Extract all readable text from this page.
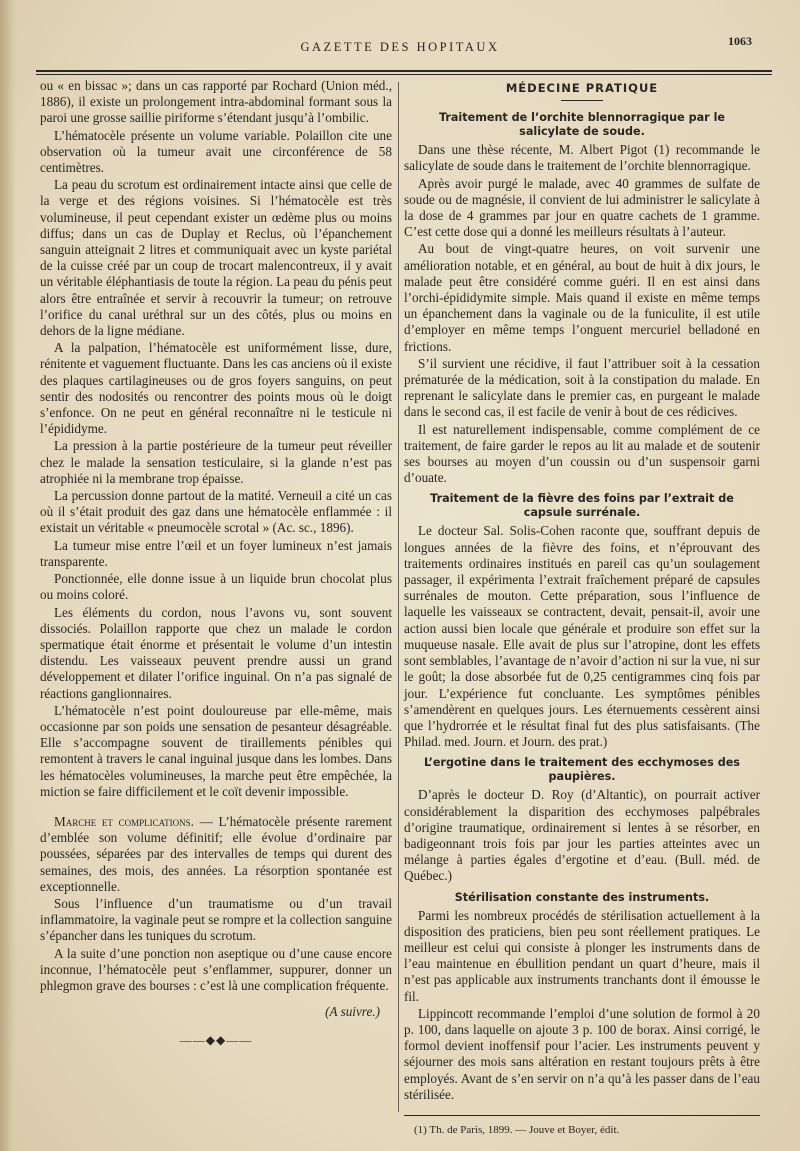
GAZETTE DES HOPITAUX	1063

ou « en bissac »; dans un cas rapporté par Rochard (Union méd., 1886), il existe un prolongement intra-abdominal formant sous la paroi une grosse saillie piriforme s’étendant jusqu’à l’ombilic.

L’hématocèle présente un volume variable. Polaillon cite une observation où la tumeur avait une circonférence de 58 centimètres.

La peau du scrotum est ordinairement intacte ainsi que celle de la verge et des régions voisines. Si l’hématocèle est très volumineuse, il peut cependant exister un œdème plus ou moins diffus; dans un cas de Duplay et Reclus, où l’épanchement sanguin atteignait 2 litres et communiquait avec un kyste pariétal de la cuisse créé par un coup de trocart malencontreux, il y avait un véritable éléphantiasis de toute la région. La peau du pénis peut alors être entraînée et servir à recouvrir la tumeur; on retrouve l’orifice du canal uréthral sur un des côtés, plus ou moins en dehors de la ligne médiane.

A la palpation, l’hématocèle est uniformément lisse, dure, rénitente et vaguement fluctuante. Dans les cas anciens où il existe des plaques cartilagineuses ou de gros foyers sanguins, on peut sentir des nodosités ou rencontrer des points mous où le doigt s’enfonce. On ne peut en général reconnaître ni le testicule ni l’épididyme.

La pression à la partie postérieure de la tumeur peut réveiller chez le malade la sensation testiculaire, si la glande n’est pas atrophiée ni la membrane trop épaisse.

La percussion donne partout de la matité. Verneuil a cité un cas où il s’était produit des gaz dans une hématocèle enflammée : il existait un véritable « pneumocèle scrotal » (Ac. sc., 1896).

La tumeur mise entre l’œil et un foyer lumineux n’est jamais transparente.

Ponctionnée, elle donne issue à un liquide brun chocolat plus ou moins coloré.

Les éléments du cordon, nous l’avons vu, sont souvent dissociés. Polaillon rapporte que chez un malade le cordon spermatique était énorme et présentait le volume d’un intestin distendu. Les vaisseaux peuvent prendre aussi un grand développement et dilater l’orifice inguinal. On n’a pas signalé de réactions ganglionnaires.

L’hématocèle n’est point douloureuse par elle-même, mais occasionne par son poids une sensation de pesanteur désagréable. Elle s’accompagne souvent de tiraillements pénibles qui remontent à travers le canal inguinal jusque dans les lombes. Dans les hématocèles volumineuses, la marche peut être empêchée, la miction se faire difficilement et le coït devenir impossible.

Marche et complications. — L’hématocèle présente rarement d’emblée son volume définitif; elle évolue d’ordinaire par poussées, séparées par des intervalles de temps qui durent des semaines, des mois, des années. La résorption spontanée est exceptionnelle.

Sous l’influence d’un traumatisme ou d’un travail inflammatoire, la vaginale peut se rompre et la collection sanguine s’épancher dans les tuniques du scrotum.

A la suite d’une ponction non aseptique ou d’une cause encore inconnue, l’hématocèle peut s’enflammer, suppurer, donner un phlegmon grave des bourses : c’est là une complication fréquente.

(A suivre.)
——◆◆——
MÉDECINE PRATIQUE
Traitement de l’orchite blennorragique par le salicylate de soude.

Dans une thèse récente, M. Albert Pigot (1) recommande le salicylate de soude dans le traitement de l’orchite blennorragique.

Après avoir purgé le malade, avec 40 grammes de sulfate de soude ou de magnésie, il convient de lui administrer le salicylate à la dose de 4 grammes par jour en quatre cachets de 1 gramme. C’est cette dose qui a donné les meilleurs résultats à l’auteur.

Au bout de vingt-quatre heures, on voit survenir une amélioration notable, et en général, au bout de huit à dix jours, le malade peut être considéré comme guéri. Il en est ainsi dans l’orchi-épididymite simple. Mais quand il existe en même temps un épanchement dans la vaginale ou de la funiculite, il est utile d’employer en même temps l’onguent mercuriel belladoné en frictions.

S’il survient une récidive, il faut l’attribuer soit à la cessation prématurée de la médication, soit à la constipation du malade. En reprenant le salicylate dans le premier cas, en purgeant le malade dans le second cas, il est facile de venir à bout de ces rédicives.

Il est naturellement indispensable, comme complément de ce traitement, de faire garder le repos au lit au malade et de soutenir ses bourses au moyen d’un coussin ou d’un suspensoir garni d’ouate.

Traitement de la fièvre des foins par l’extrait de capsule surrénale.

Le docteur Sal. Solis-Cohen raconte que, souffrant depuis de longues années de la fièvre des foins, et n’éprouvant des traitements ordinaires institués en pareil cas qu’un soulagement passager, il expérimenta l’extrait fraîchement préparé de capsules surrénales de mouton. Cette préparation, sous l’influence de laquelle les vaisseaux se contractent, devait, pensait-il, avoir une action aussi bien locale que générale et produire son effet sur la muqueuse nasale. Elle avait de plus sur l’atropine, dont les effets sont semblables, l’avantage de n’avoir d’action ni sur la vue, ni sur le goût; la dose absorbée fut de 0,25 centigrammes cinq fois par jour. L’expérience fut concluante. Les symptômes pénibles s’amendèrent en quelques jours. Les éternuements cessèrent ainsi que l’hydrorrée et le résultat final fut des plus satisfaisants. (The Philad. med. Journ. et Journ. des prat.)

L’ergotine dans le traitement des ecchymoses des paupières.

D’après le docteur D. Roy (d’Altantic), on pourrait activer considérablement la disparition des ecchymoses palpébrales d’origine traumatique, ordinairement si lentes à se résorber, en badigeonnant trois fois par jour les parties atteintes avec un mélange à parties égales d’ergotine et d’eau. (Bull. méd. de Québec.)

Stérilisation constante des instruments.

Parmi les nombreux procédés de stérilisation actuellement à la disposition des praticiens, bien peu sont réellement pratiques. Le meilleur est celui qui consiste à plonger les instruments dans de l’eau maintenue en ébullition pendant un quart d’heure, mais il n’est pas applicable aux instruments tranchants dont il émousse le fil.

Lippincott recommande l’emploi d’une solution de formol à 20 p. 100, dans laquelle on ajoute 3 p. 100 de borax. Ainsi corrigé, le formol devient inoffensif pour l’acier. Les instruments peuvent y séjourner des mois sans altération en restant toujours prêts à être employés. Avant de s’en servir on n’a qu’à les passer dans de l’eau stérilisée.

(1) Th. de Paris, 1899. — Jouve et Boyer, édit.
